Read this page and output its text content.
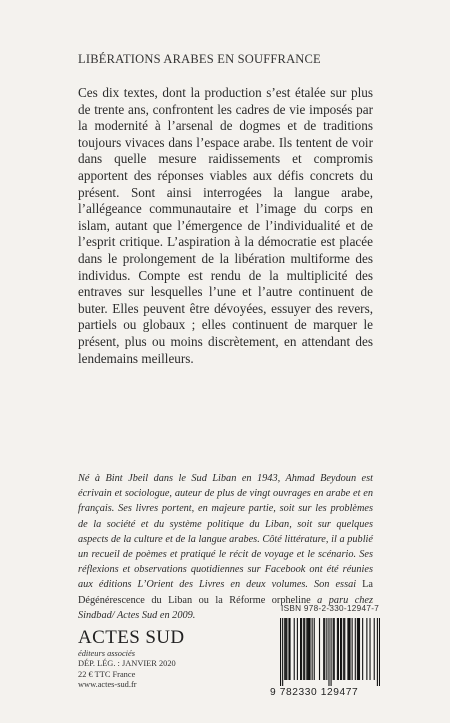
LIBÉRATIONS ARABES EN SOUFFRANCE

Ces dix textes, dont la production s’est étalée sur plus de trente ans, confrontent les cadres de vie imposés par la modernité à l’arsenal de dogmes et de traditions toujours vivaces dans l’espace arabe. Ils tentent de voir dans quelle mesure raidissements et compromis apportent des réponses viables aux défis concrets du présent. Sont ainsi interrogées la langue arabe, l’allégeance communautaire et l’image du corps en islam, autant que l’émergence de l’individualité et de l’esprit critique. L’aspiration à la démocratie est placée dans le prolongement de la libération multiforme des individus. Compte est rendu de la multiplicité des entraves sur lesquelles l’une et l’autre continuent de buter. Elles peuvent être dévoyées, essuyer des revers, partiels ou globaux ; elles continuent de marquer le présent, plus ou moins discrètement, en attendant des lendemains meilleurs.

Né à Bint Jbeil dans le Sud Liban en 1943, Ahmad Beydoun est écrivain et sociologue, auteur de plus de vingt ouvrages en arabe et en français. Ses livres portent, en majeure partie, soit sur les problèmes de la société et du système politique du Liban, soit sur quelques aspects de la culture et de la langue arabes. Côté littérature, il a publié un recueil de poèmes et pratiqué le récit de voyage et le scénario. Ses réflexions et observations quotidiennes sur Facebook ont été réunies aux éditions L’Orient des Livres en deux volumes. Son essai La Dégénérescence du Liban ou la Réforme orpheline a paru chez Sindbad/ Actes Sud en 2009.

ACTES SUD
éditeurs associés
DÉP. LÉG. : JANVIER 2020
22 € TTC France
www.actes-sud.fr
ISBN 978-2-330-12947-7
9 782330 129477
